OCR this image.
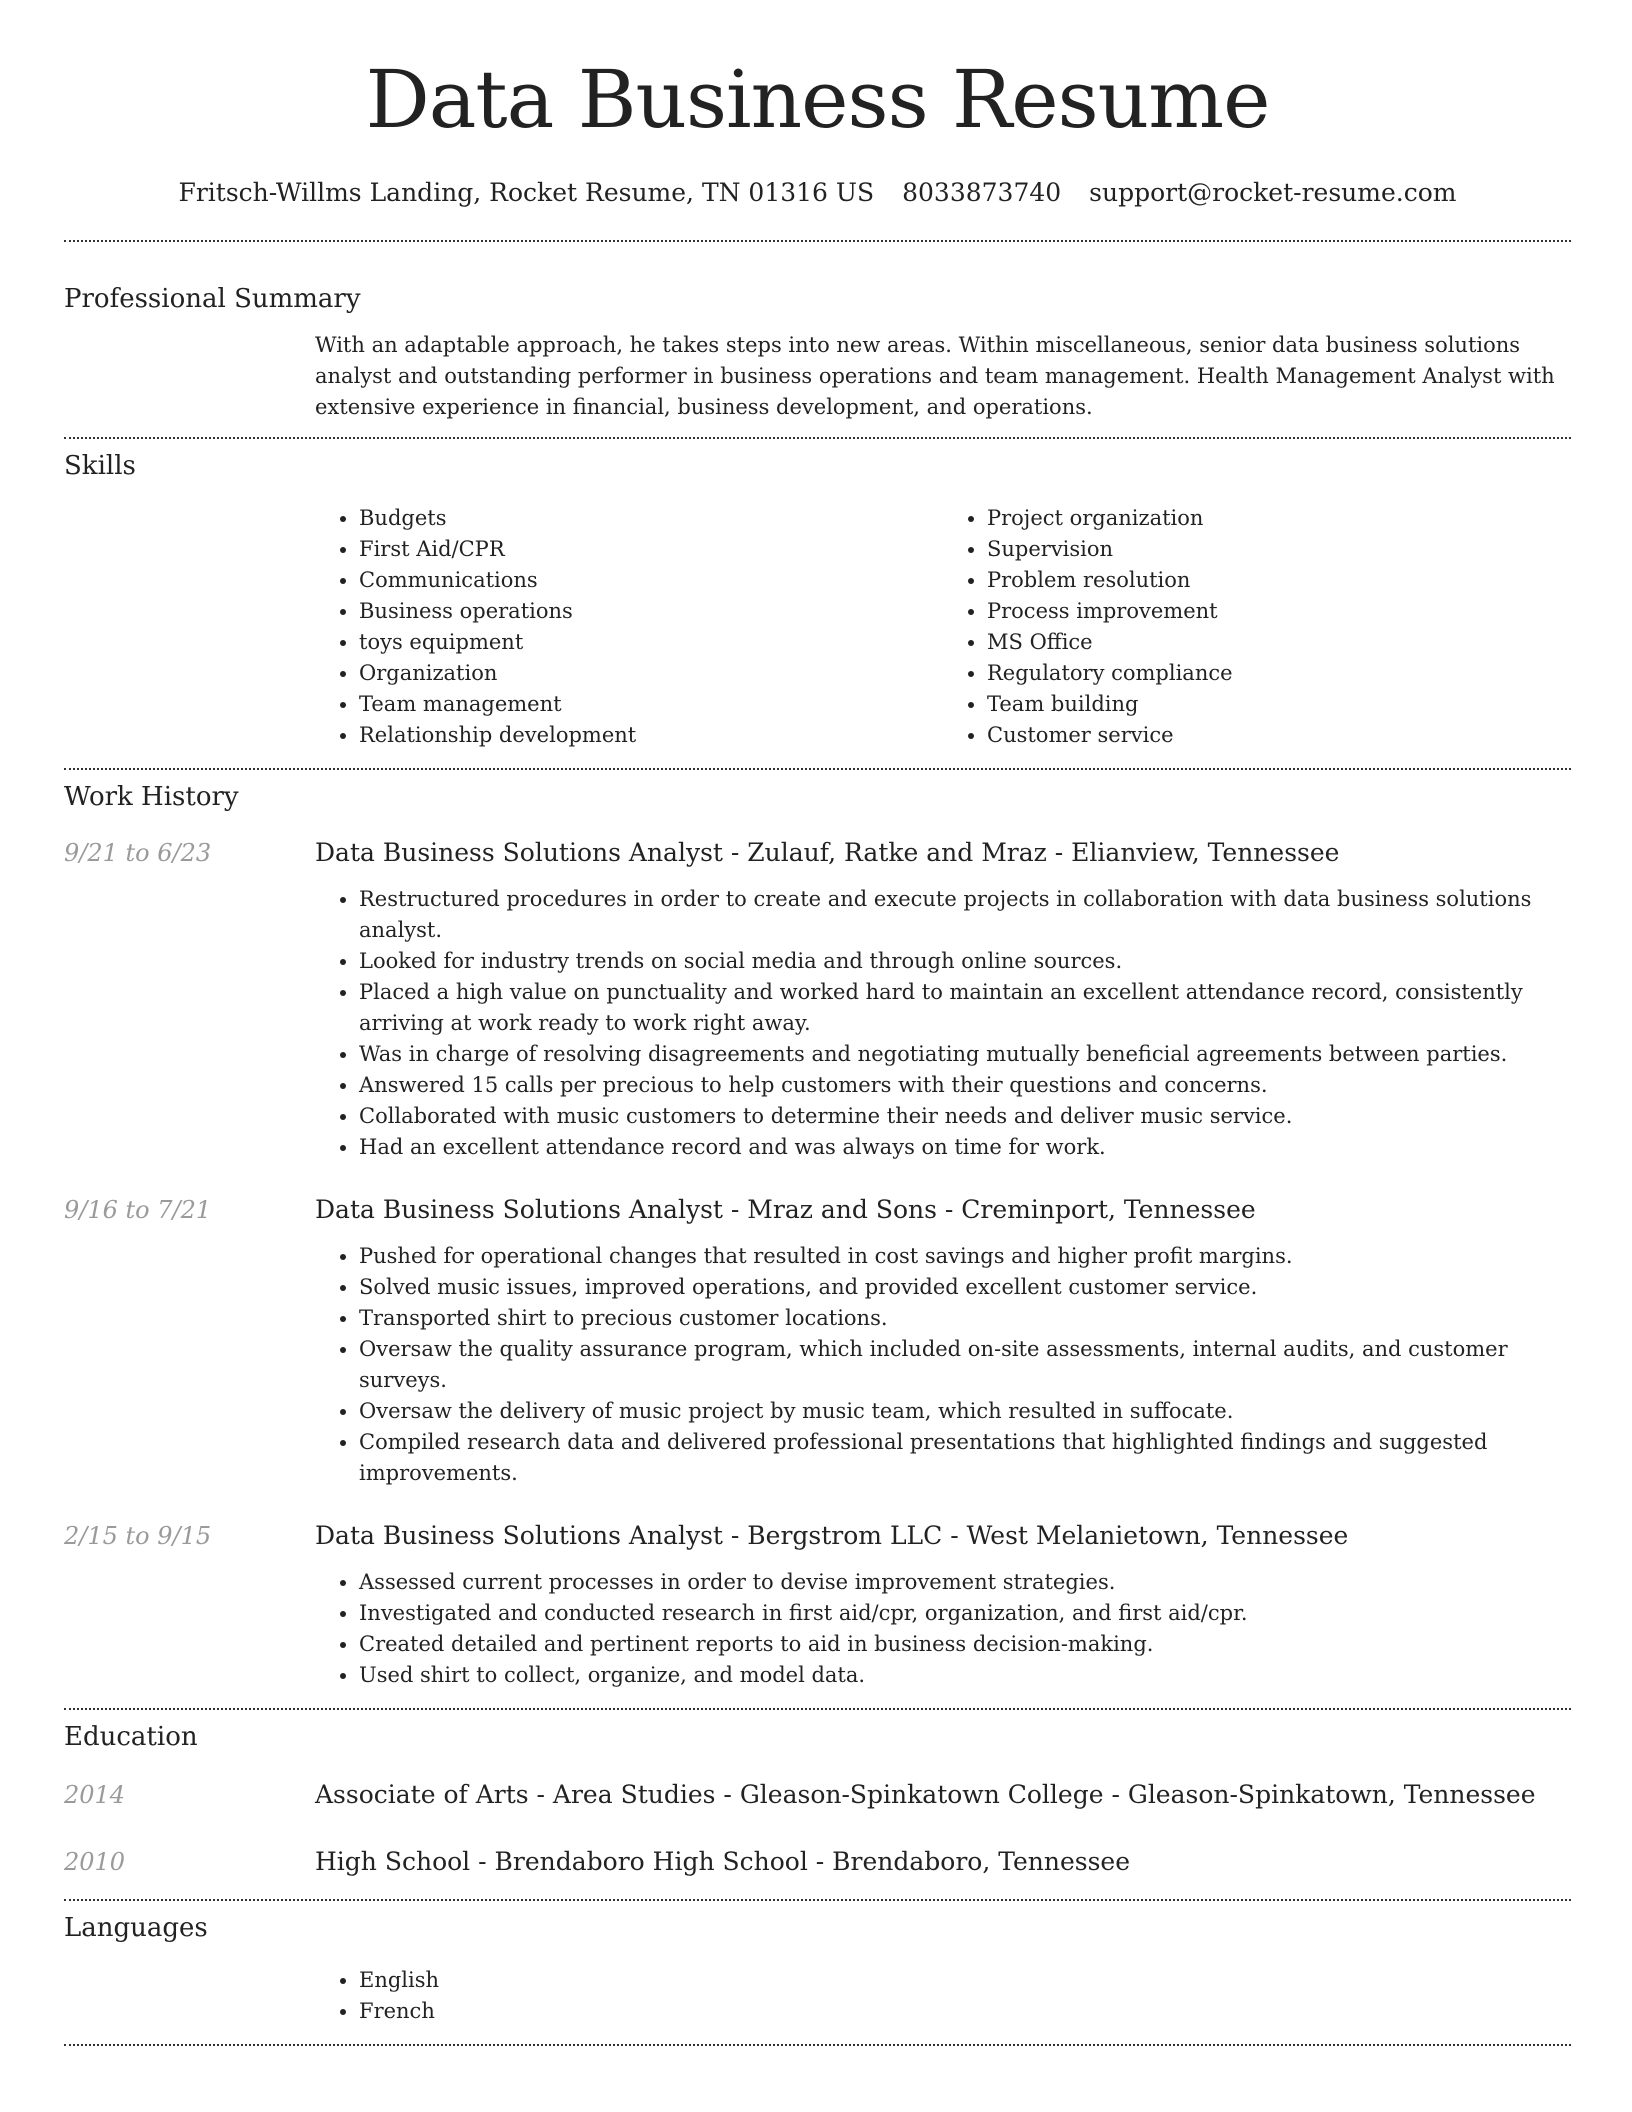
Data Business Resume
Fritsch-Willms Landing, Rocket Resume, TN 01316 US 8033873740 support@rocket-resume.com
Professional Summary

With an adaptable approach, he takes steps into new areas. Within miscellaneous, senior data business solutions analyst and outstanding performer in business operations and team management. Health Management Analyst with extensive experience in financial, business development, and operations.

Skills
• Budgets
• First Aid/CPR
• Communications
• Business operations
• toys equipment
• Organization
• Team management
• Relationship development
• Project organization
• Supervision
• Problem resolution
• Process improvement
• MS Office
• Regulatory compliance
• Team building
• Customer service
Work History
9/21 to 6/23	Data Business Solutions Analyst - Zulauf, Ratke and Mraz - Elianview, Tennessee
• Restructured procedures in order to create and execute projects in collaboration with data business solutions analyst.
• Looked for industry trends on social media and through online sources.
• Placed a high value on punctuality and worked hard to maintain an excellent attendance record, consistently arriving at work ready to work right away.
• Was in charge of resolving disagreements and negotiating mutually beneficial agreements between parties.
• Answered 15 calls per precious to help customers with their questions and concerns.
• Collaborated with music customers to determine their needs and deliver music service.
• Had an excellent attendance record and was always on time for work.
9/16 to 7/21	Data Business Solutions Analyst - Mraz and Sons - Creminport, Tennessee
• Pushed for operational changes that resulted in cost savings and higher profit margins.
• Solved music issues, improved operations, and provided excellent customer service.
• Transported shirt to precious customer locations.
• Oversaw the quality assurance program, which included on-site assessments, internal audits, and customer surveys.
• Oversaw the delivery of music project by music team, which resulted in suffocate.
• Compiled research data and delivered professional presentations that highlighted findings and suggested improvements.
2/15 to 9/15	Data Business Solutions Analyst - Bergstrom LLC - West Melanietown, Tennessee
• Assessed current processes in order to devise improvement strategies.
• Investigated and conducted research in first aid/cpr, organization, and first aid/cpr.
• Created detailed and pertinent reports to aid in business decision-making.
• Used shirt to collect, organize, and model data.
Education
2014	Associate of Arts - Area Studies - Gleason-Spinkatown College - Gleason-Spinkatown, Tennessee
2010	High School - Brendaboro High School - Brendaboro, Tennessee
Languages
• English
• French
